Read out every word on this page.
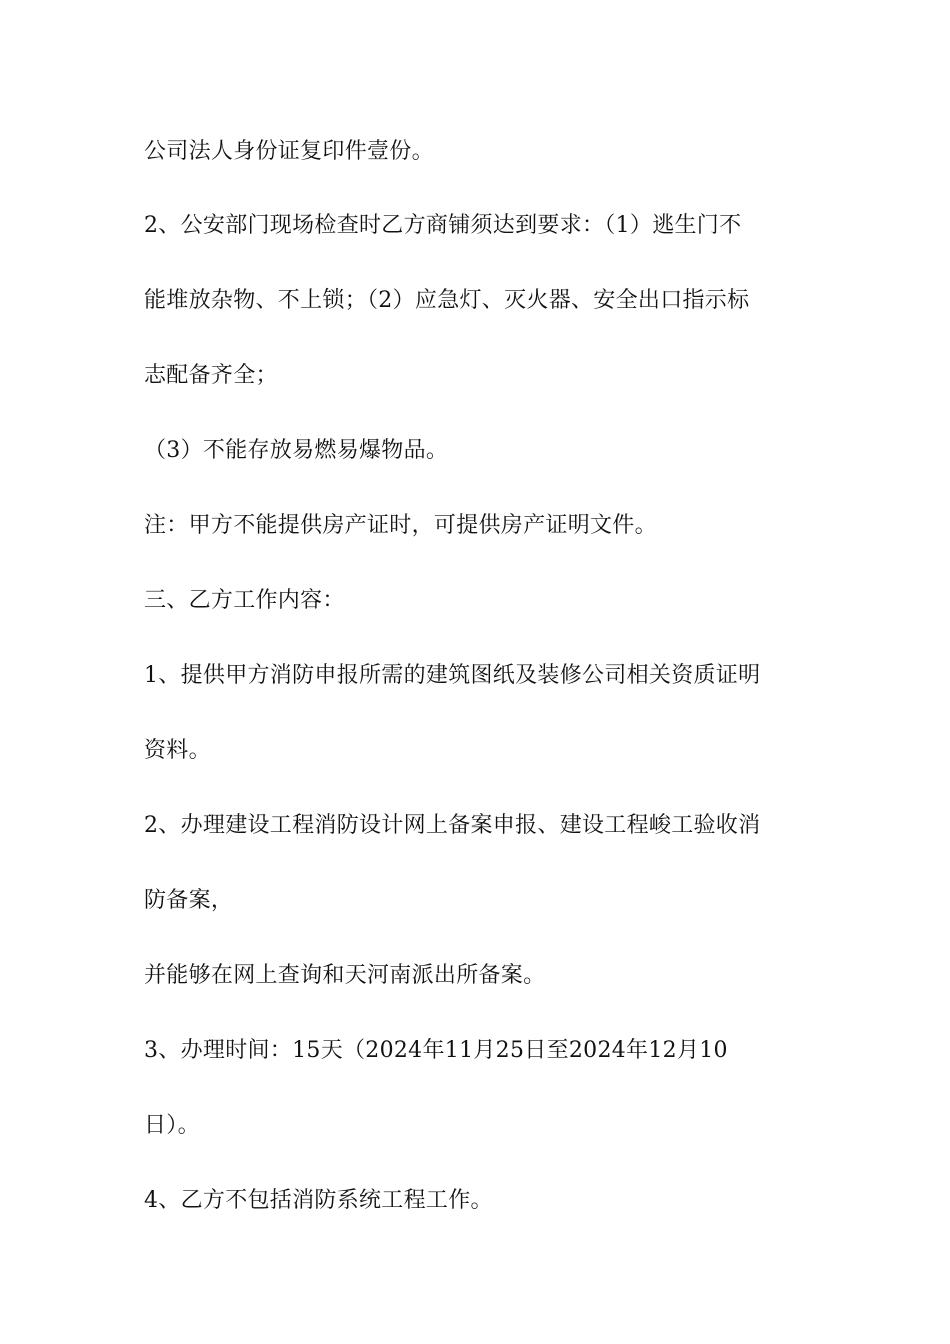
公司法人身份证复印件壹份。
2、公安部门现场检查时乙方商铺须达到要求：（1）逃生门不
能堆放杂物、不上锁；（2）应急灯、灭火器、安全出口指示标
志配备齐全；
（3）不能存放易燃易爆物品。
注：甲方不能提供房产证时，可提供房产证明文件。
三、乙方工作内容：
1、提供甲方消防申报所需的建筑图纸及装修公司相关资质证明
资料。
2、办理建设工程消防设计网上备案申报、建设工程峻工验收消
防备案，
并能够在网上查询和天河南派出所备案。
3、办理时间：15天（2024年11月25日至2024年12月10
日）。
4、乙方不包括消防系统工程工作。
